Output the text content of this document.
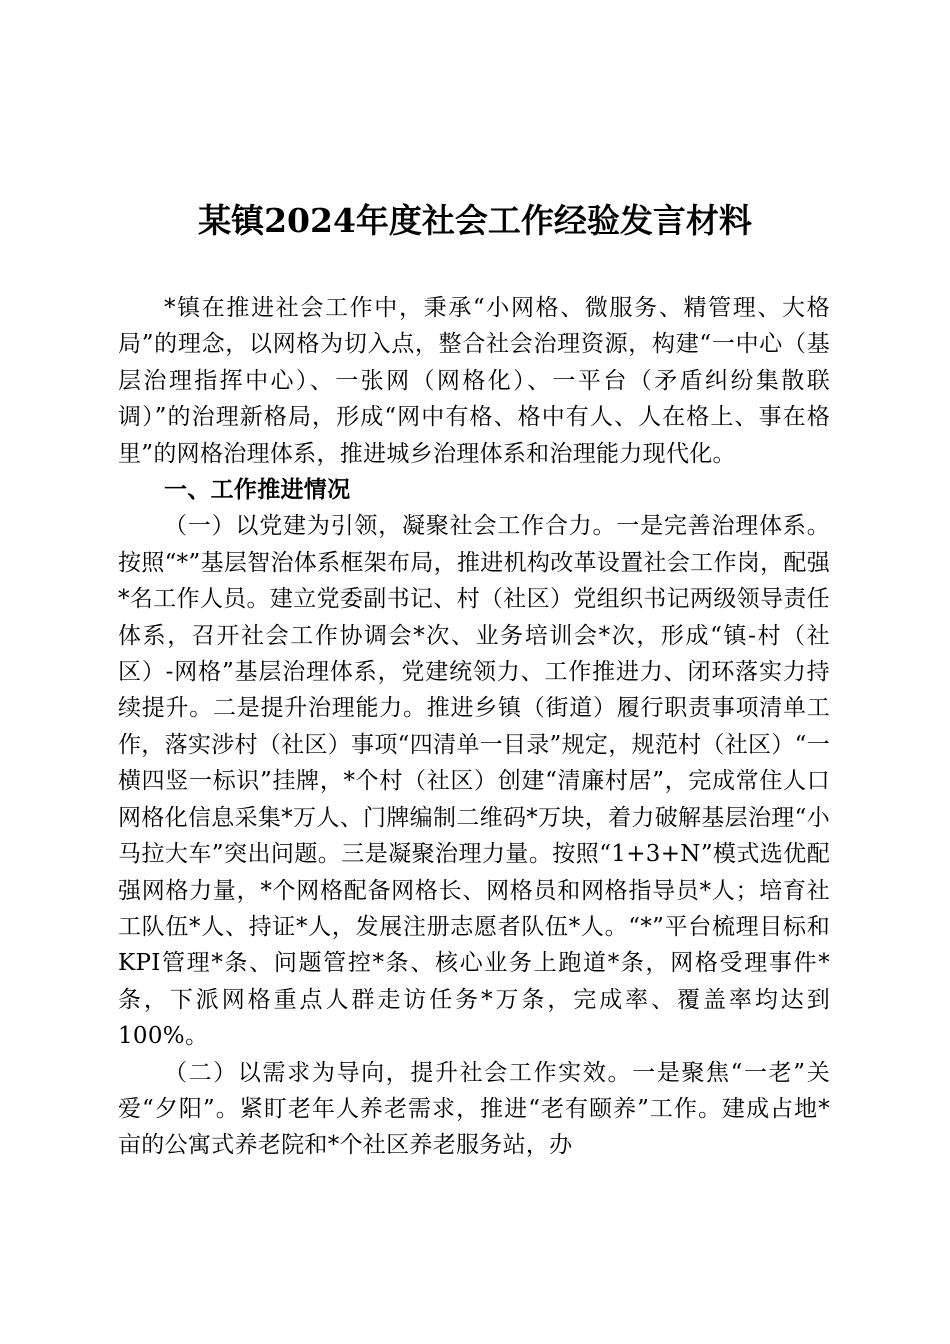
某镇2024年度社会工作经验发言材料

*镇在推进社会工作中，秉承“小网格、微服务、精管理、大格局”的理念，以网格为切入点，整合社会治理资源，构建“一中心（基层治理指挥中心）、一张网（网格化）、一平台（矛盾纠纷集散联调）”的治理新格局，形成“网中有格、格中有人、人在格上、事在格里”的网格治理体系，推进城乡治理体系和治理能力现代化。

一、工作推进情况

（一）以党建为引领，凝聚社会工作合力。一是完善治理体系。按照“*”基层智治体系框架布局，推进机构改革设置社会工作岗，配强*名工作人员。建立党委副书记、村（社区）党组织书记两级领导责任体系，召开社会工作协调会*次、业务培训会*次，形成“镇-村（社区）-网格”基层治理体系，党建统领力、工作推进力、闭环落实力持续提升。二是提升治理能力。推进乡镇（街道）履行职责事项清单工作，落实涉村（社区）事项“四清单一目录”规定，规范村（社区）“一横四竖一标识”挂牌，*个村（社区）创建“清廉村居”，完成常住人口网格化信息采集*万人、门牌编制二维码*万块，着力破解基层治理“小马拉大车”突出问题。三是凝聚治理力量。按照“1+3+N”模式选优配强网格力量，*个网格配备网格长、网格员和网格指导员*人；培育社工队伍*人、持证*人，发展注册志愿者队伍*人。“*”平台梳理目标和KPI管理*条、问题管控*条、核心业务上跑道*条，网格受理事件*条，下派网格重点人群走访任务*万条，完成率、覆盖率均达到100%。

（二）以需求为导向，提升社会工作实效。一是聚焦“一老”关爱“夕阳”。紧盯老年人养老需求，推进“老有颐养”工作。建成占地*亩的公寓式养老院和*个社区养老服务站，办
